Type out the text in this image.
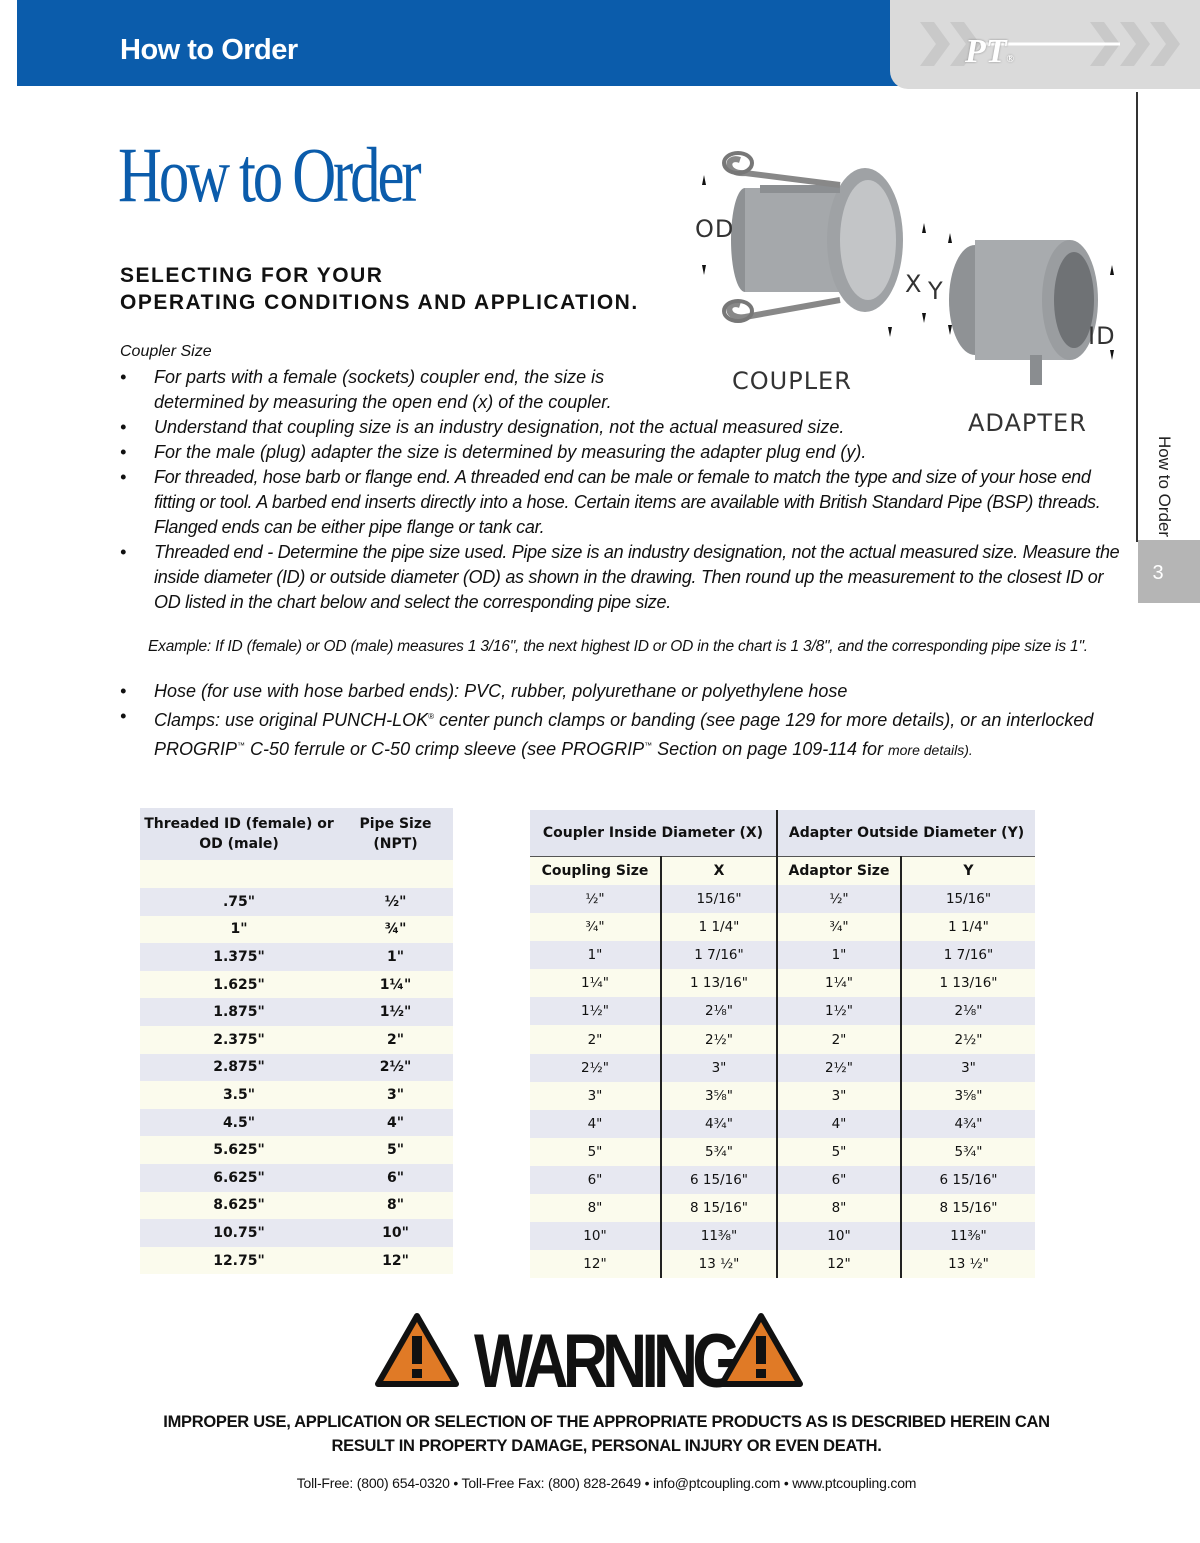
How to Order	PT®
How to Order
3
How to Order
SELECTING FOR YOUR
OPERATING CONDITIONS AND APPLICATION.
OD
X Y
ID
COUPLER
ADAPTER
Coupler Size
• For parts with a female (sockets) coupler end, the size is determined by measuring the open end (x) of the coupler.
• Understand that coupling size is an industry designation, not the actual measured size.
• For the male (plug) adapter the size is determined by measuring the adapter plug end (y).
• For threaded, hose barb or flange end. A threaded end can be male or female to match the type and size of your hose end fitting or tool. A barbed end inserts directly into a hose. Certain items are available with British Standard Pipe (BSP) threads. Flanged ends can be either pipe flange or tank car.
• Threaded end - Determine the pipe size used. Pipe size is an industry designation, not the actual measured size. Measure the inside diameter (ID) or outside diameter (OD) as shown in the drawing. Then round up the measurement to the closest ID or OD listed in the chart below and select the corresponding pipe size.
Example: If ID (female) or OD (male) measures 1 3/16", the next highest ID or OD in the chart is 1 3/8", and the corresponding pipe size is 1".
• Hose (for use with hose barbed ends): PVC, rubber, polyurethane or polyethylene hose
• Clamps: use original PUNCH-LOK® center punch clamps or banding (see page 129 for more details), or an interlocked
PROGRIP™ C-50 ferrule or C-50 crimp sleeve (see PROGRIP™ Section on page 109-114 for more details).
Threaded ID (female) or OD (male)	Pipe Size (NPT)

.75"	½"
1"	¾"
1.375"	1"
1.625"	1¼"
1.875"	1½"
2.375"	2"
2.875"	2½"
3.5"	3"
4.5"	4"
5.625"	5"
6.625"	6"
8.625"	8"
10.75"	10"
12.75"	12"
Coupler Inside Diameter (X)		Adapter Outside Diameter (Y)	
Coupling Size	X	Adaptor Size	Y
½"	15/16"	½"	15/16"
¾"	1 1/4"	¾"	1 1/4"
1"	1 7/16"	1"	1 7/16"
1¼"	1 13/16"	1¼"	1 13/16"
1½"	2⅛"	1½"	2⅛"
2"	2½"	2"	2½"
2½"	3"	2½"	3"
3"	3⅝"	3"	3⅝"
4"	4¾"	4"	4¾"
5"	5¾"	5"	5¾"
6"	6 15/16"	6"	6 15/16"
8"	8 15/16"	8"	8 15/16"
10"	11⅜"	10"	11⅜"
12"	13 ½"	12"	13 ½"
WARNING
IMPROPER USE, APPLICATION OR SELECTION OF THE APPROPRIATE PRODUCTS AS IS DESCRIBED HEREIN CAN
RESULT IN PROPERTY DAMAGE, PERSONAL INJURY OR EVEN DEATH.
Toll-Free: (800) 654-0320 • Toll-Free Fax: (800) 828-2649 • info@ptcoupling.com • www.ptcoupling.com
